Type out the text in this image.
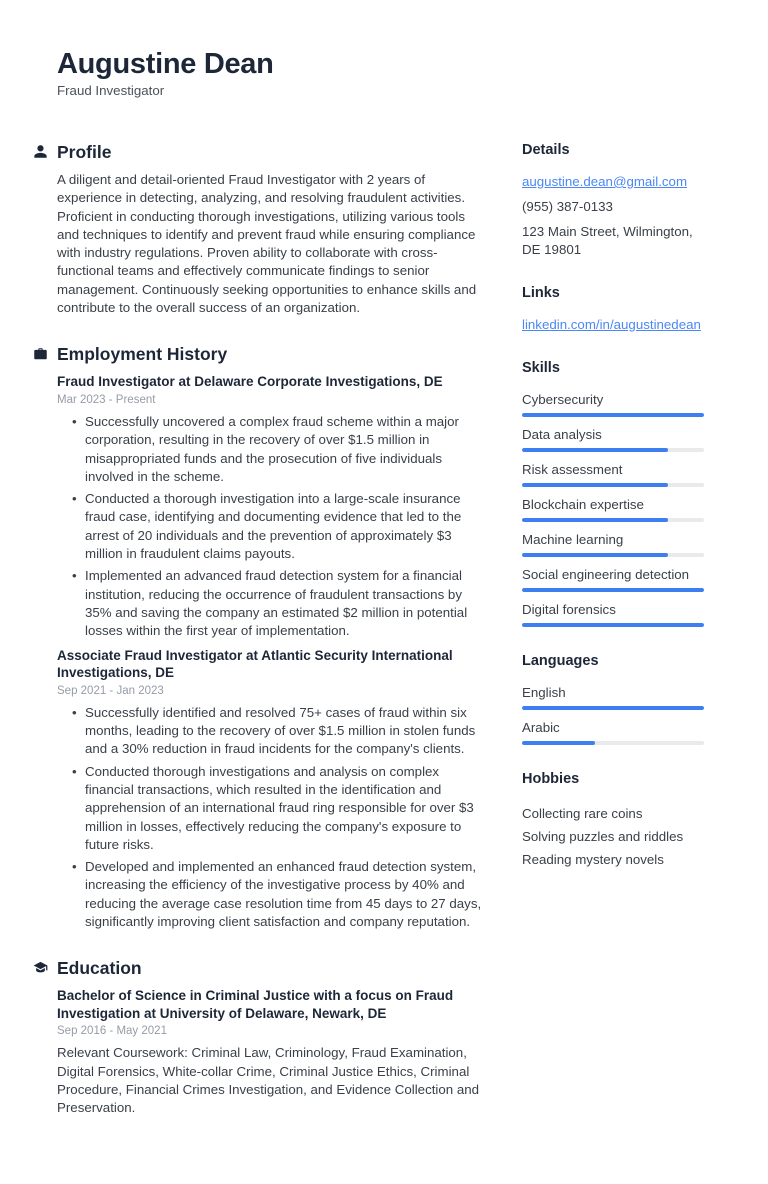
Augustine Dean
Fraud Investigator
Profile

A diligent and detail-oriented Fraud Investigator with 2 years of experience in detecting, analyzing, and resolving fraudulent activities. Proficient in conducting thorough investigations, utilizing various tools and techniques to identify and prevent fraud while ensuring compliance with industry regulations. Proven ability to collaborate with cross-functional teams and effectively communicate findings to senior management. Continuously seeking opportunities to enhance skills and contribute to the overall success of an organization.

Employment History
Fraud Investigator at Delaware Corporate Investigations, DE
Mar 2023 - Present
• Successfully uncovered a complex fraud scheme within a major corporation, resulting in the recovery of over $1.5 million in misappropriated funds and the prosecution of five individuals involved in the scheme.
• Conducted a thorough investigation into a large-scale insurance fraud case, identifying and documenting evidence that led to the arrest of 20 individuals and the prevention of approximately $3 million in fraudulent claims payouts.
• Implemented an advanced fraud detection system for a financial institution, reducing the occurrence of fraudulent transactions by 35% and saving the company an estimated $2 million in potential losses within the first year of implementation.
Associate Fraud Investigator at Atlantic Security International Investigations, DE
Sep 2021 - Jan 2023
• Successfully identified and resolved 75+ cases of fraud within six months, leading to the recovery of over $1.5 million in stolen funds and a 30% reduction in fraud incidents for the company's clients.
• Conducted thorough investigations and analysis on complex financial transactions, which resulted in the identification and apprehension of an international fraud ring responsible for over $3 million in losses, effectively reducing the company's exposure to future risks.
• Developed and implemented an enhanced fraud detection system, increasing the efficiency of the investigative process by 40% and reducing the average case resolution time from 45 days to 27 days, significantly improving client satisfaction and company reputation.
Education
Bachelor of Science in Criminal Justice with a focus on Fraud Investigation at University of Delaware, Newark, DE
Sep 2016 - May 2021

Relevant Coursework: Criminal Law, Criminology, Fraud Examination, Digital Forensics, White-collar Crime, Criminal Justice Ethics, Criminal Procedure, Financial Crimes Investigation, and Evidence Collection and Preservation.

Details
augustine.dean@gmail.com
(955) 387-0133
123 Main Street, Wilmington, DE 19801
Links
linkedin.com/in/augustinedean
Skills
Cybersecurity
Data analysis
Risk assessment
Blockchain expertise
Machine learning
Social engineering detection
Digital forensics
Languages
English
Arabic
Hobbies
Collecting rare coins
Solving puzzles and riddles
Reading mystery novels
